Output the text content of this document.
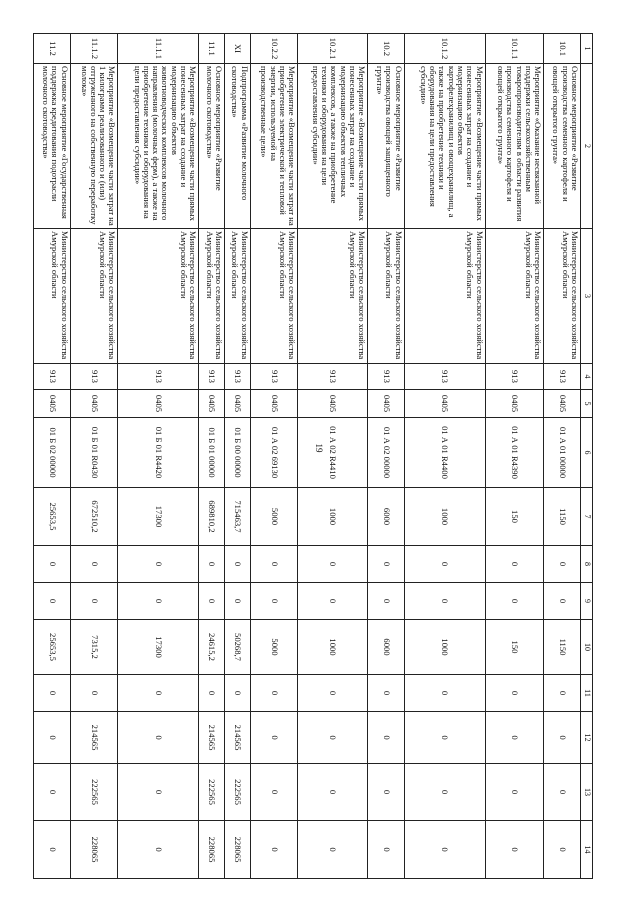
19
1	2	3	4	5	6	7	8	9	10	11	12	13	14
10.1	Основное мероприятие «Развитие производства семенного картофеля и овощей открытого грунта»	Министерство сельского хозяйства Амурской области	913	0405	01 А 01 00000	1150	0	0	1150	0	0	0	0
10.1.1	Мероприятие «Оказание несвязанной поддержки сельскохозяйственным товаропроизводителям в области развития производства семенного картофеля и овощей открытого грунта»	Министерство сельского хозяйства Амурской области	913	0405	01 А 01 R4390	150	0	0	150	0	0	0	0
10.1.2	Мероприятие «Возмещение части прямых понесенных затрат на создание и модернизацию объектов картофелехранилищ и овощехранилищ, а также на приобретение техники и оборудования на цели предоставления субсидии»	Министерство сельского хозяйства Амурской области	913	0405	01 А 01 R4400	1000	0	0	1000	0	0	0	0
10.2	Основное мероприятие «Развитие производства овощей защищенного грунта»	Министерство сельского хозяйства Амурской области	913	0405	01 А 02 00000	6000	0	0	6000	0	0	0	0
10.2.1	Мероприятие «Возмещение части прямых понесенных затрат на создание и модернизацию объектов тепличных комплексов, а также на приобретение техники и оборудования на цели предоставления субсидии»	Министерство сельского хозяйства Амурской области	913	0405	01 А 02 R4410	1000	0	0	1000	0	0	0	0
10.2.2	Мероприятие «Возмещение части затрат на приобретение электрической и тепловой энергии, используемой на производственные цели»	Министерство сельского хозяйства Амурской области	913	0405	01 А 02 69130	5000	0	0	5000	0	0	0	0
XI	Подпрограмма «Развитие молочного скотоводства»	Министерство сельского хозяйства Амурской области	913	0405	01 Б 00 00000	715463,7	0	0	50268,7	0	214565	222565	228065
11.1	Основное мероприятие «Развитие молочного скотоводства»	Министерство сельского хозяйства Амурской области	913	0405	01 Б 01 00000	689810,2	0	0	24615,2	0	214565	222565	228065
11.1.1	Мероприятие «Возмещение части прямых понесенных затрат на создание и модернизацию объектов животноводческих комплексов молочного направления (молочных ферм), а также на приобретение техники и оборудования на цели предоставления субсидии»	Министерство сельского хозяйства Амурской области	913	0405	01 Б 01 R4420	17300	0	0	17300	0	0	0	0
11.1.2	Мероприятие «Возмещение части затрат на 1 килограмм реализованного и (или) отгруженного на собственную переработку молока»	Министерство сельского хозяйства Амурской области	913	0405	01 Б 01 R0430	672510,2	0	0	7315,2	0	214565	222565	228065
11.2	Основное мероприятие «Государственная поддержка кредитования подотрасли молочного скотоводства»	Министерство сельского хозяйства Амурской области	913	0405	01 Б 02 00000	25653,5	0	0	25653,5	0	0	0	0
